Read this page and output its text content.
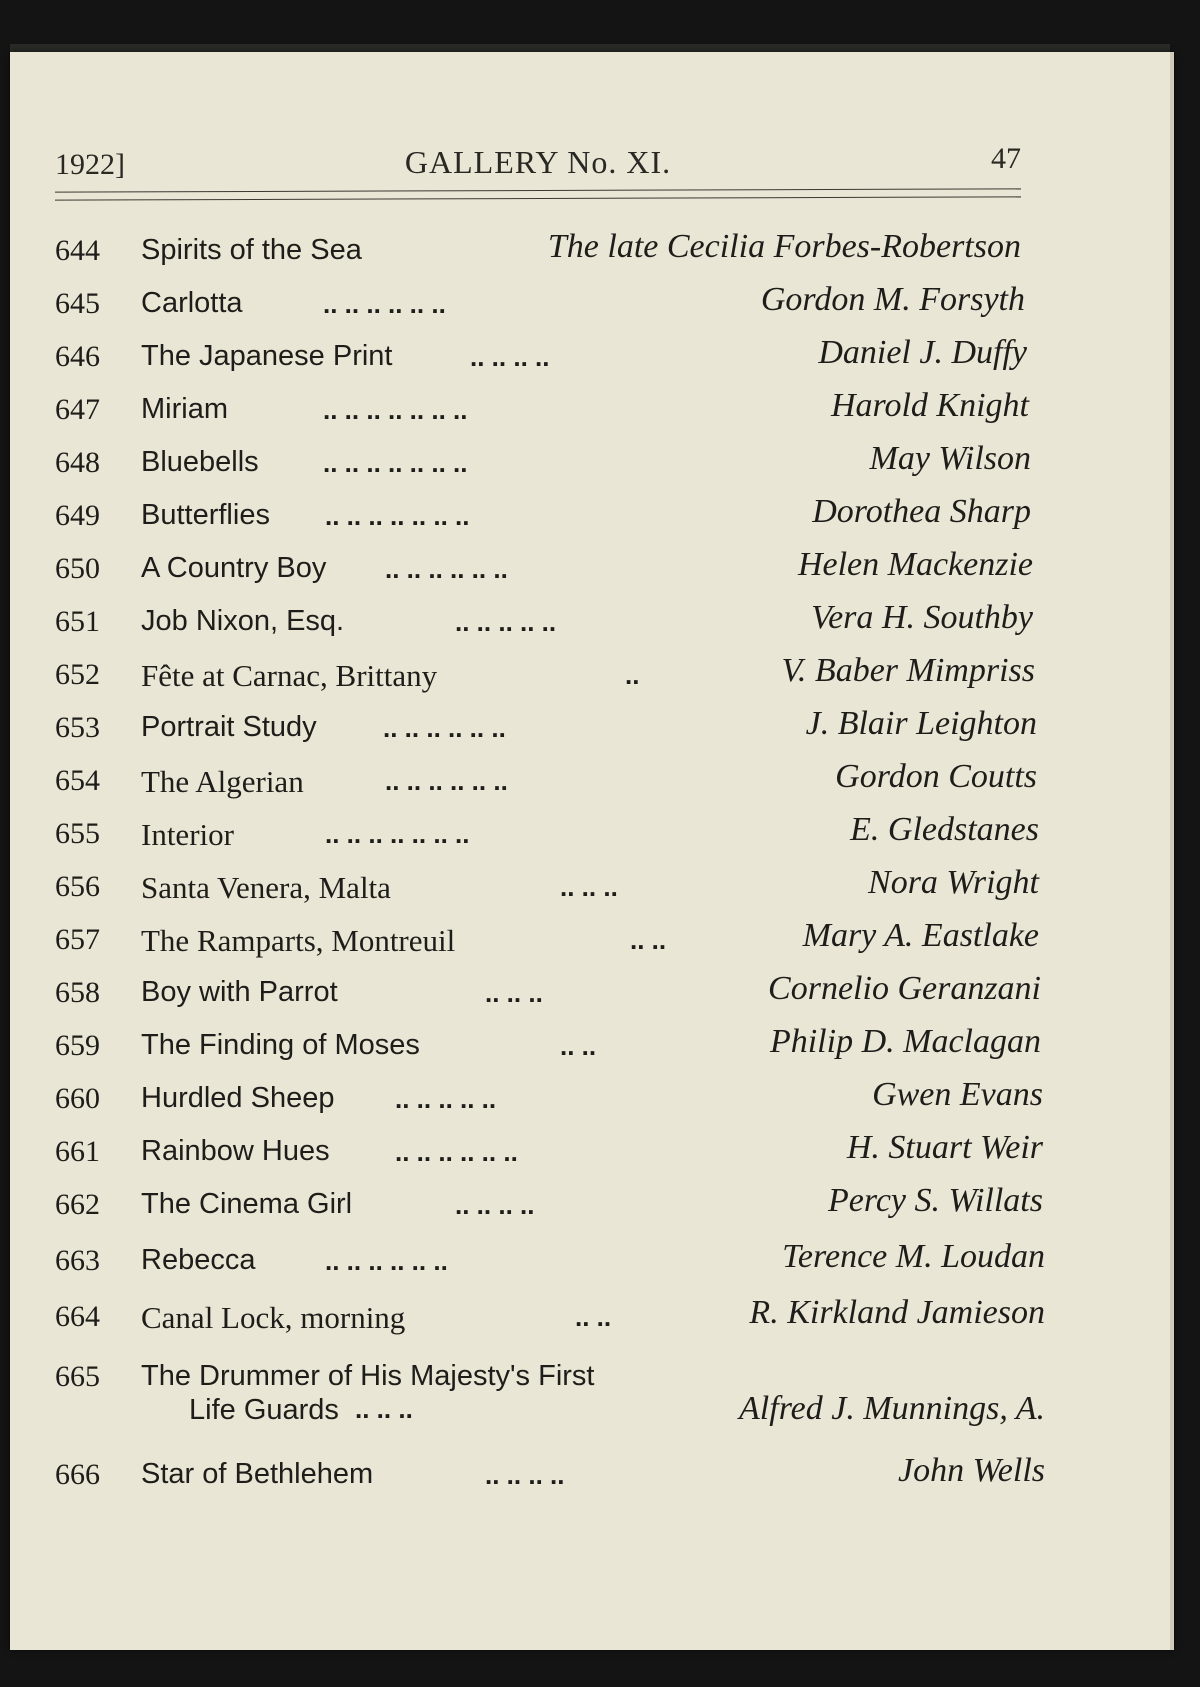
1922]	GALLERY No. XI.	47
644 Spirits of the Sea	The late Cecilia Forbes-Robertson
645 Carlotta	.. .. .. .. .. ..	Gordon M. Forsyth
646 The Japanese Print	.. .. .. ..	Daniel J. Duffy
647 Miriam	.. .. .. .. .. .. ..	Harold Knight
648 Bluebells .. .. .. .. .. .. ..	May Wilson
649 Butterflies .. .. .. .. .. .. ..	Dorothea Sharp
650 A Country Boy .. .. .. .. .. ..	Helen Mackenzie
651 Job Nixon, Esq.	.. .. .. .. ..	Vera H. Southby
652 Fête at Carnac, Brittany	..	V. Baber Mimpriss
653 Portrait Study	.. .. .. .. .. ..	J. Blair Leighton
654 The Algerian	.. .. .. .. .. ..	Gordon Coutts
655 Interior	.. .. .. .. .. .. ..	E. Gledstanes
656 Santa Venera, Malta	.. .. ..	Nora Wright
657 The Ramparts, Montreuil	.. ..	Mary A. Eastlake
658 Boy with Parrot	.. .. ..	Cornelio Geranzani
659 The Finding of Moses	.. ..	Philip D. Maclagan
660 Hurdled Sheep .. .. .. .. ..	Gwen Evans
661 Rainbow Hues	.. .. .. .. .. ..	H. Stuart Weir
662 The Cinema Girl	.. .. .. ..	Percy S. Willats
663 Rebecca	.. .. .. .. .. ..	Terence M. Loudan
664 Canal Lock, morning	.. ..	R. Kirkland Jamieson
665 The Drummer of His Majesty's First
Life Guards .. .. ..	Alfred J. Munnings, A.
666 Star of Bethlehem	.. .. .. ..	John Wells
